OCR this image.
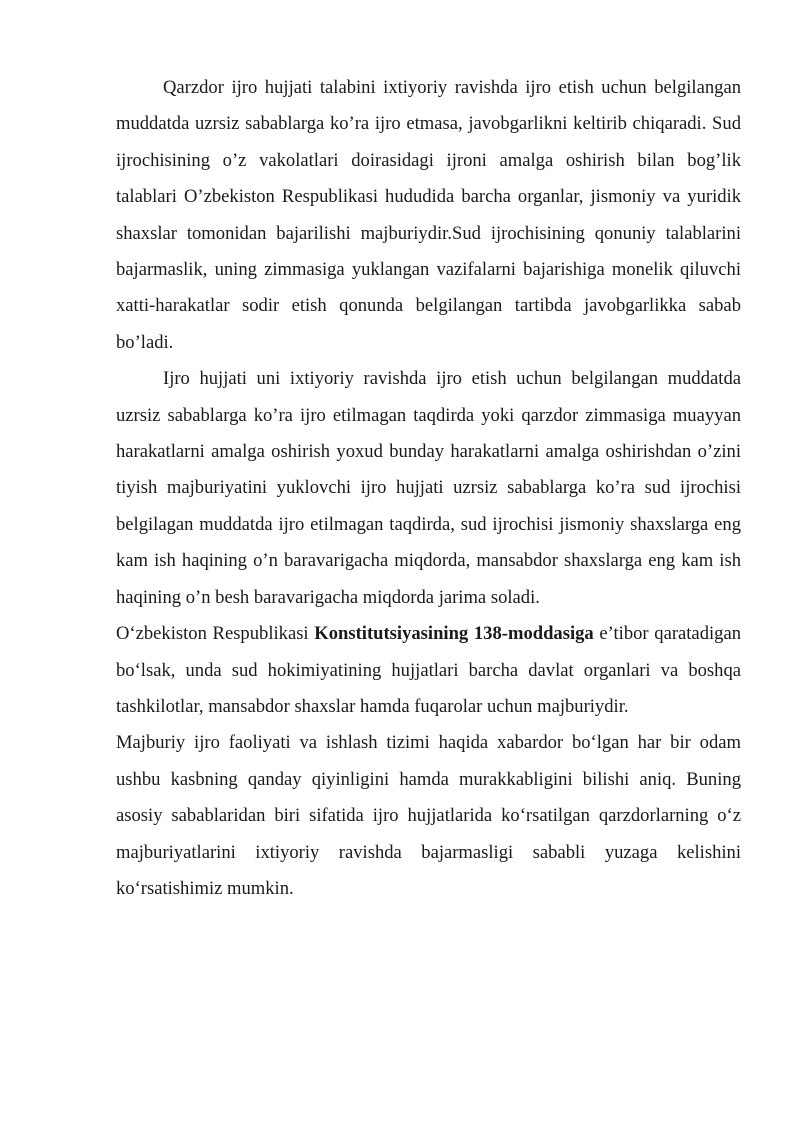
Qarzdor ijro hujjati talabini ixtiyoriy ravishda ijro etish uchun belgilangan muddatda uzrsiz sabablarga ko’ra ijro etmasa, javobgarlikni keltirib chiqaradi. Sud ijrochisining o’z vakolatlari doirasidagi ijroni amalga oshirish bilan bog’lik talablari O’zbekiston Respublikasi hududida barcha organlar, jismoniy va yuridik shaxslar tomonidan bajarilishi majburiydir.Sud ijrochisining qonuniy talablarini bajarmaslik, uning zimmasiga yuklangan vazifalarni bajarishiga monelik qiluvchi xatti-harakatlar sodir etish qonunda belgilangan tartibda javobgarlikka sabab bo’ladi.

Ijro hujjati uni ixtiyoriy ravishda ijro etish uchun belgilangan muddatda uzrsiz sabablarga ko’ra ijro etilmagan taqdirda yoki qarzdor zimmasiga muayyan harakatlarni amalga oshirish yoxud bunday harakatlarni amalga oshirishdan o’zini tiyish majburiyatini yuklovchi ijro hujjati uzrsiz sabablarga ko’ra sud ijrochisi belgilagan muddatda ijro etilmagan taqdirda, sud ijrochisi jismoniy shaxslarga eng kam ish haqining o’n baravarigacha miqdorda, mansabdor shaxslarga eng kam ish haqining o’n besh baravarigacha miqdorda jarima soladi.

O‘zbekiston Respublikasi Konstitutsiyasining 138-moddasiga e’tibor qaratadigan bo‘lsak, unda sud hokimiyatining hujjatlari barcha davlat organlari va boshqa tashkilotlar, mansabdor shaxslar hamda fuqarolar uchun majburiydir.

Majburiy ijro faoliyati va ishlash tizimi haqida xabardor bo‘lgan har bir odam ushbu kasbning qanday qiyinligini hamda murakkabligini bilishi aniq. Buning asosiy sabablaridan biri sifatida ijro hujjatlarida ko‘rsatilgan qarzdorlarning o‘z majburiyatlarini ixtiyoriy ravishda bajarmasligi sababli yuzaga kelishini ko‘rsatishimiz mumkin.
